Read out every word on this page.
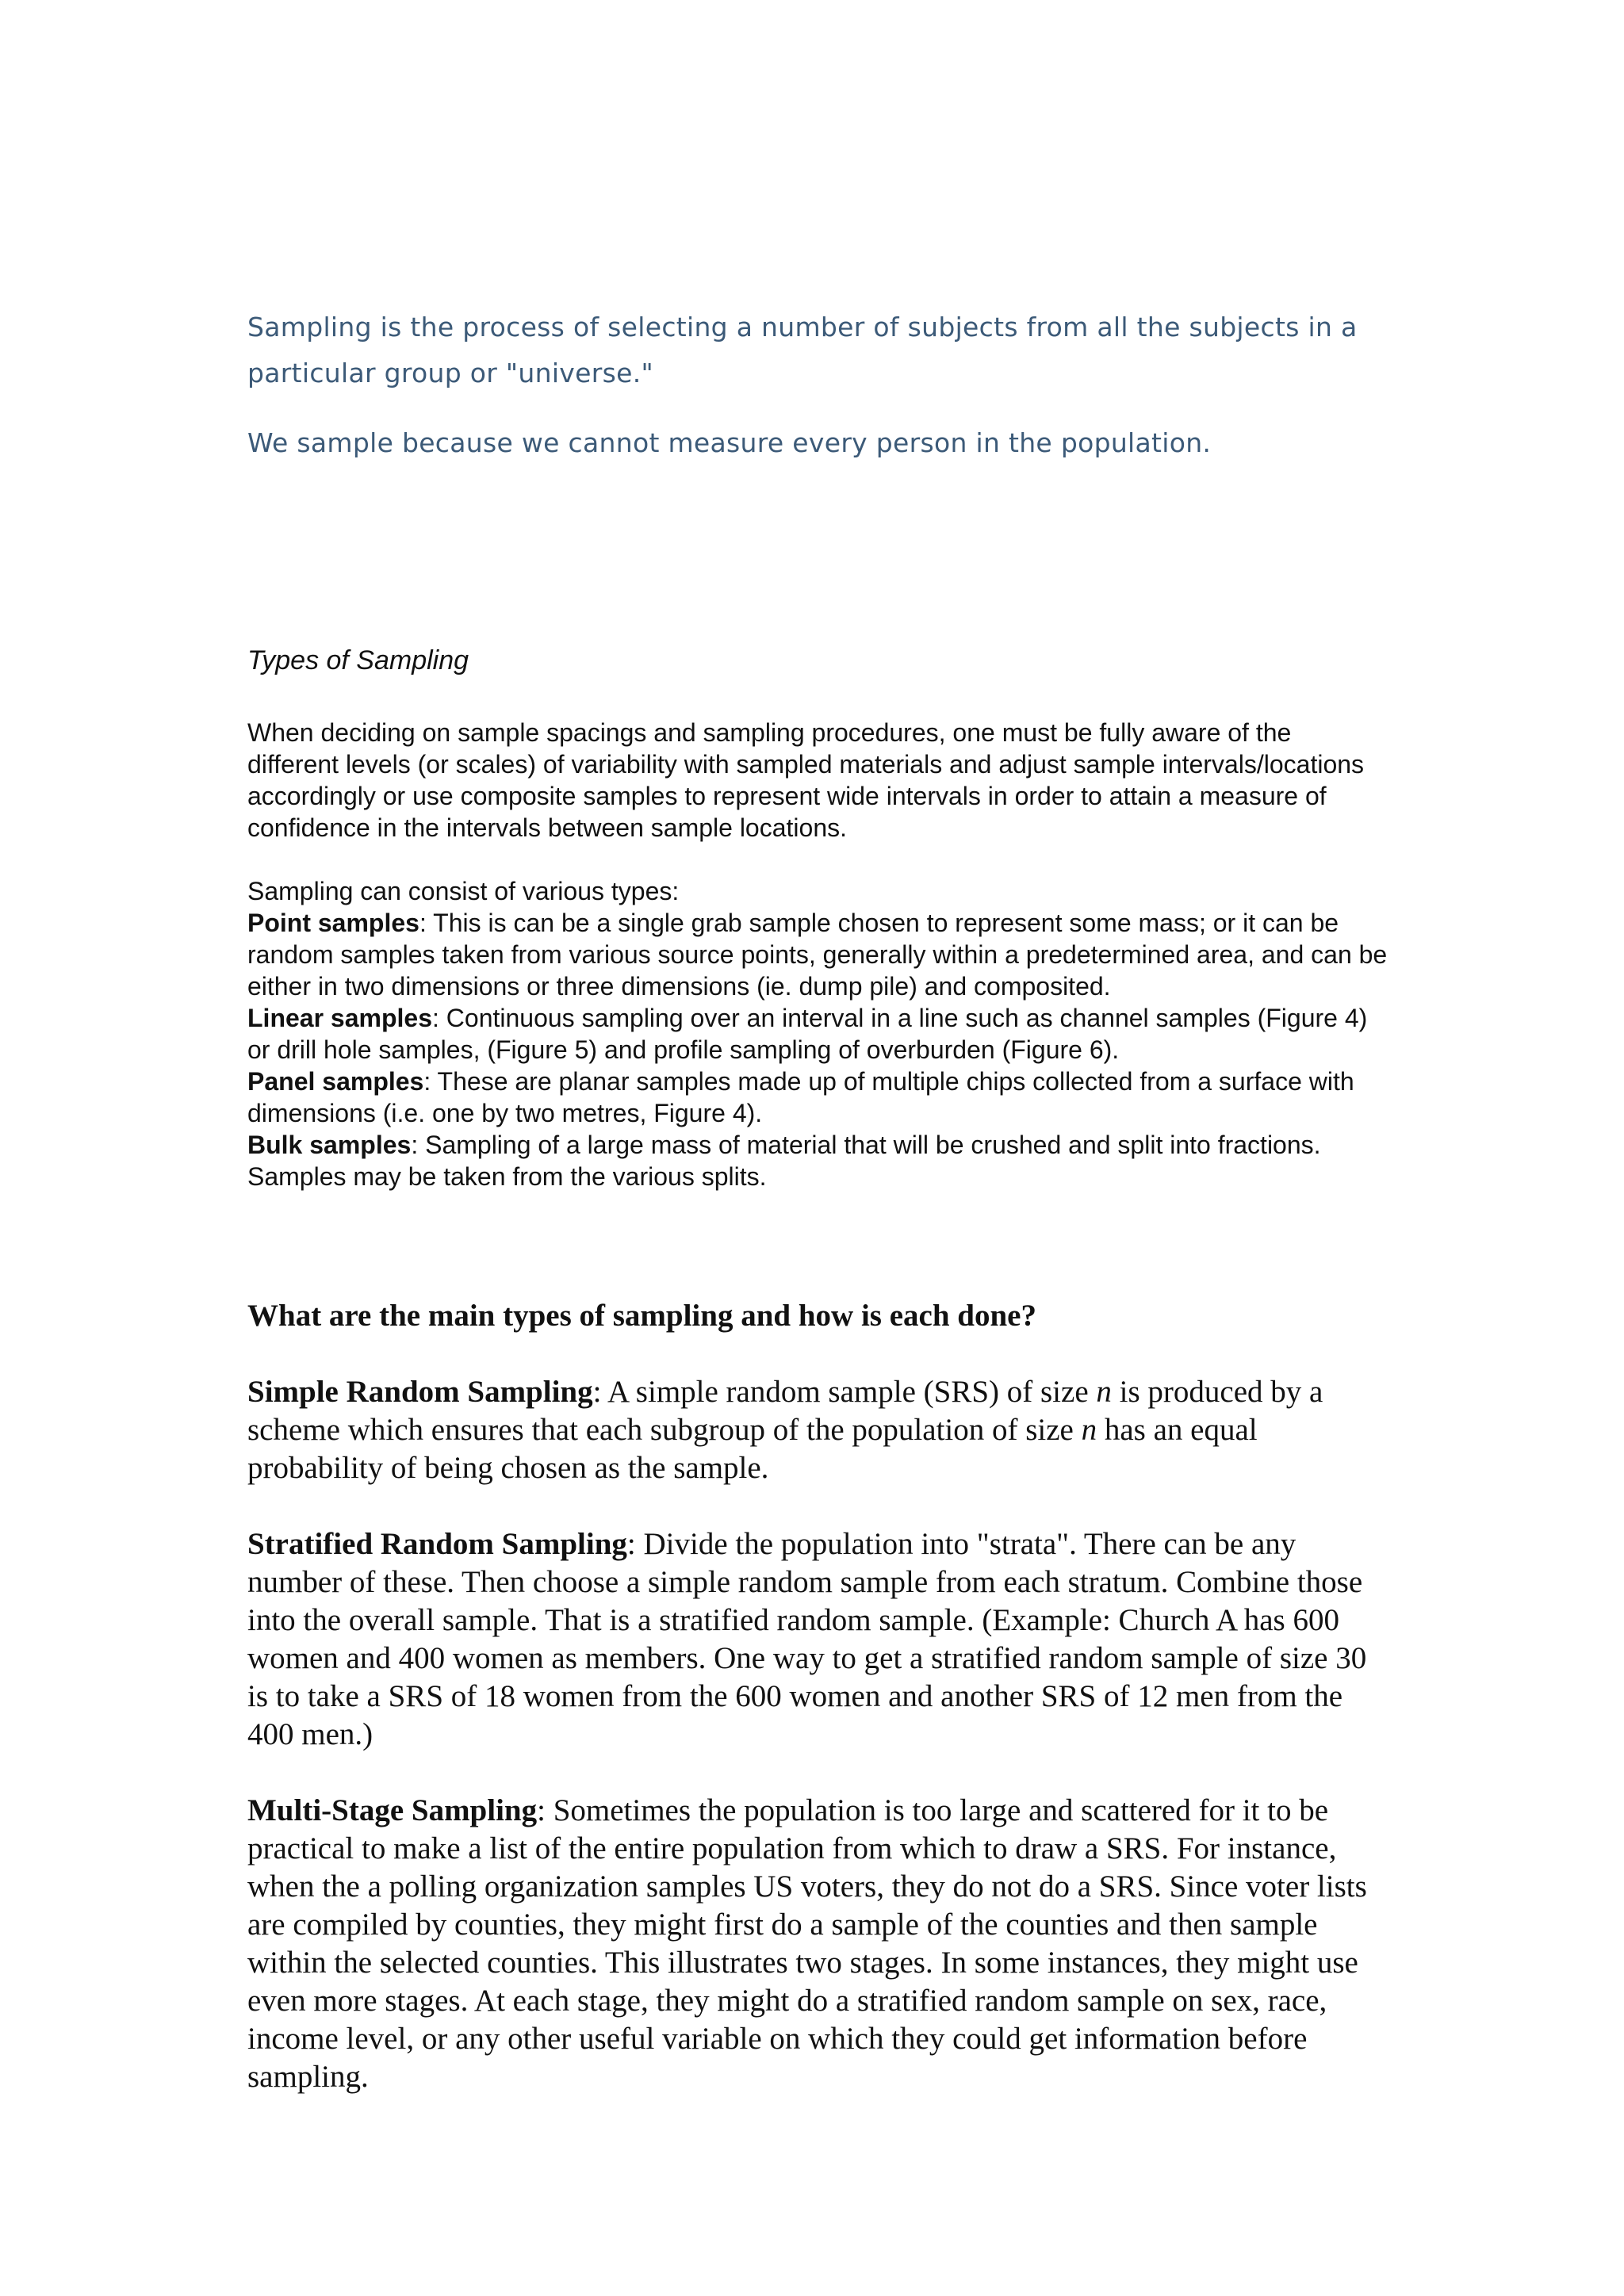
Sampling is the process of selecting a number of subjects from all the subjects in a
particular group or "universe."

We sample because we cannot measure every person in the population.

Types of Sampling

When deciding on sample spacings and sampling procedures, one must be fully aware of the different levels (or scales) of variability with sampled materials and adjust sample intervals/locations accordingly or use composite samples to represent wide intervals in order to attain a measure of confidence in the intervals between sample locations.

Sampling can consist of various types:

Point samples: This is can be a single grab sample chosen to represent some mass; or it can be random samples taken from various source points, generally within a predetermined area, and can be either in two dimensions or three dimensions (ie. dump pile) and composited.

Linear samples: Continuous sampling over an interval in a line such as channel samples (Figure 4) or drill hole samples, (Figure 5) and profile sampling of overburden (Figure 6).

Panel samples: These are planar samples made up of multiple chips collected from a surface with dimensions (i.e. one by two metres, Figure 4).

Bulk samples: Sampling of a large mass of material that will be crushed and split into fractions. Samples may be taken from the various splits.

What are the main types of sampling and how is each done?

Simple Random Sampling: A simple random sample (SRS) of size n is produced by a scheme which ensures that each subgroup of the population of size n has an equal probability of being chosen as the sample.

Stratified Random Sampling: Divide the population into "strata". There can be any number of these. Then choose a simple random sample from each stratum. Combine those into the overall sample. That is a stratified random sample. (Example: Church A has 600 women and 400 women as members. One way to get a stratified random sample of size 30 is to take a SRS of 18 women from the 600 women and another SRS of 12 men from the 400 men.)

Multi-Stage Sampling: Sometimes the population is too large and scattered for it to be practical to make a list of the entire population from which to draw a SRS. For instance, when the a polling organization samples US voters, they do not do a SRS. Since voter lists are compiled by counties, they might first do a sample of the counties and then sample within the selected counties. This illustrates two stages. In some instances, they might use even more stages. At each stage, they might do a stratified random sample on sex, race, income level, or any other useful variable on which they could get information before sampling.
